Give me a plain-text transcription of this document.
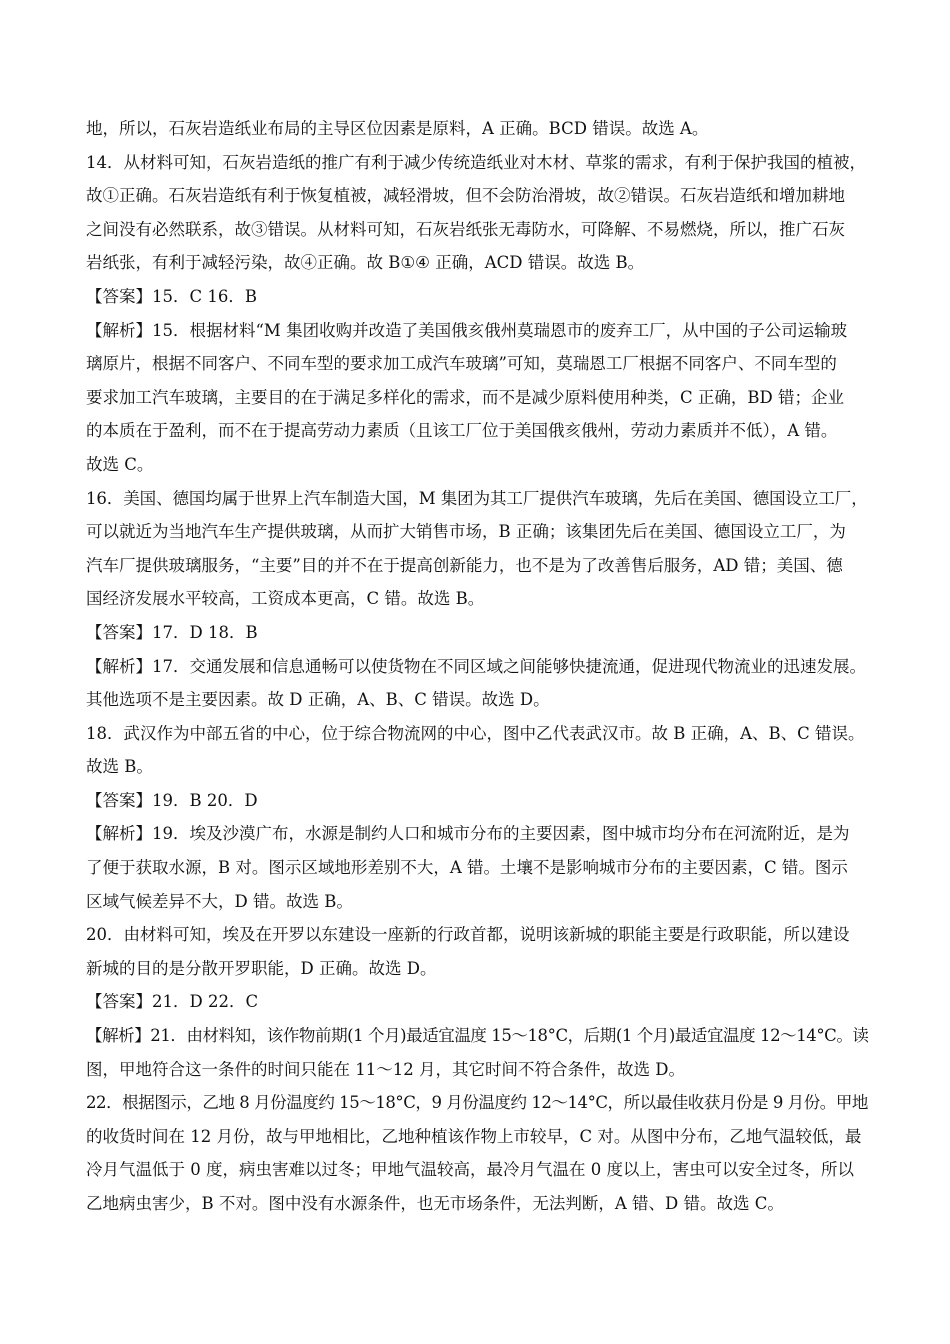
地，所以，石灰岩造纸业布局的主导区位因素是原料，A 正确。BCD 错误。故选 A。
14．从材料可知，石灰岩造纸的推广有利于减少传统造纸业对木材、草浆的需求，有利于保护我国的植被，
故①正确。石灰岩造纸有利于恢复植被，减轻滑坡，但不会防治滑坡，故②错误。石灰岩造纸和增加耕地
之间没有必然联系，故③错误。从材料可知，石灰岩纸张无毒防水，可降解、不易燃烧，所以，推广石灰
岩纸张，有利于减轻污染，故④正确。故 B①④ 正确，ACD 错误。故选 B。
【答案】15．C 16．B
【解析】15．根据材料“M 集团收购并改造了美国俄亥俄州莫瑞恩市的废弃工厂，从中国的子公司运输玻
璃原片，根据不同客户、不同车型的要求加工成汽车玻璃”可知，莫瑞恩工厂根据不同客户、不同车型的
要求加工汽车玻璃，主要目的在于满足多样化的需求，而不是减少原料使用种类，C 正确，BD 错；企业
的本质在于盈利，而不在于提高劳动力素质（且该工厂位于美国俄亥俄州，劳动力素质并不低），A 错。
故选 C。
16．美国、德国均属于世界上汽车制造大国，M 集团为其工厂提供汽车玻璃，先后在美国、德国设立工厂，
可以就近为当地汽车生产提供玻璃，从而扩大销售市场，B 正确；该集团先后在美国、德国设立工厂，为
汽车厂提供玻璃服务，“主要”目的并不在于提高创新能力，也不是为了改善售后服务，AD 错；美国、德
国经济发展水平较高，工资成本更高，C 错。故选 B。
【答案】17．D 18．B
【解析】17．交通发展和信息通畅可以使货物在不同区域之间能够快捷流通，促进现代物流业的迅速发展。
其他选项不是主要因素。故 D 正确，A、B、C 错误。故选 D。
18．武汉作为中部五省的中心，位于综合物流网的中心，图中乙代表武汉市。故 B 正确，A、B、C 错误。
故选 B。
【答案】19．B 20．D
【解析】19．埃及沙漠广布，水源是制约人口和城市分布的主要因素，图中城市均分布在河流附近，是为
了便于获取水源，B 对。图示区域地形差别不大，A 错。土壤不是影响城市分布的主要因素，C 错。图示
区域气候差异不大，D 错。故选 B。
20．由材料可知，埃及在开罗以东建设一座新的行政首都，说明该新城的职能主要是行政职能，所以建设
新城的目的是分散开罗职能，D 正确。故选 D。
【答案】21．D 22．C
【解析】21．由材料知，该作物前期(1 个月)最适宜温度 15～18°C，后期(1 个月)最适宜温度 12～14°C。读
图，甲地符合这一条件的时间只能在 11～12 月，其它时间不符合条件，故选 D。
22．根据图示，乙地 8 月份温度约 15～18°C，9 月份温度约 12～14°C，所以最佳收获月份是 9 月份。甲地
的收货时间在 12 月份，故与甲地相比，乙地种植该作物上市较早，C 对。从图中分布，乙地气温较低，最
冷月气温低于 0 度，病虫害难以过冬；甲地气温较高，最冷月气温在 0 度以上，害虫可以安全过冬，所以
乙地病虫害少，B 不对。图中没有水源条件，也无市场条件，无法判断，A 错、D 错。故选 C。
